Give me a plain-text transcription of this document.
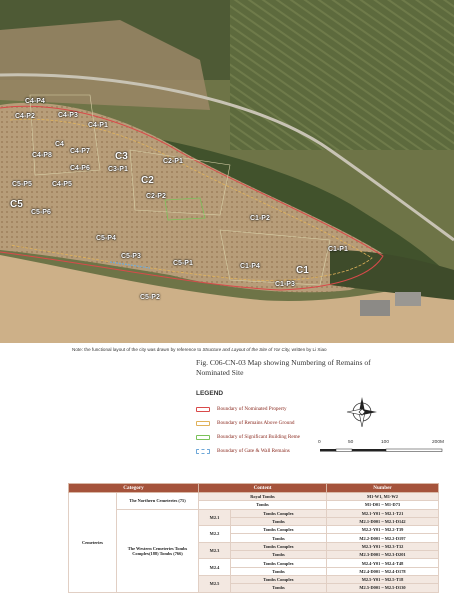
C4-P4
C4-P2	C4-P3
C4-P1
C4
C4-P7
C4-P8
C4-P6
C4-P5
C3
C3-P1
C2-P1
C2
C2-P2
C5-P5
C5
C5-P6
C5-P4
C1-P2
C1-P1
C5-P3
C5-P1	C1-P4	C1
C1-P3
C5-P2
Note: the functional layout of the city was drawn by reference to Structure and Layout of the Site of Yar City, written by Li Xiao
Fig. C06-CN-03 Map showing Numbering of Remains of
Nominated Site
LEGEND
Boundary of Nominated Property
Boundary of Remains Above Ground
Boundary of Significant Building Reme
Boundary of Gate & Wall Remains
0	50	100	200M
Category		Content		Number
Cemeteries	The Northern Cemeteries (75)	Royal Tombs		M1-W1, M1-W2
		Tombs		M1-D01 ~ M1-D73
	The Western Cemeteries Tombs Complex(188) Tombs (766)	M2.1	Tombs Complex	M2.1-Y01 ~ M2.1-T21
			Tombs	M2.1-D001 ~ M2.1-D142
		M2.2	Tombs Complex	M2.2-Y01 ~ M2.2-T39
			Tombs	M2.2-D001 ~ M2.2-D197
		M2.3	Tombs Complex	M2.3-Y01 ~ M2.3-T32
			Tombs	M2.3-D001 ~ M2.3-D201
		M2.4	Tombs Complex	M2.4-Y01 ~ M2.4-T48
			Tombs	M2.4-D001 ~ M2.4-D178
		M2.5	Tombs Complex	M2.5-Y01 ~ M2.5-T18
			Tombs	M2.5-D001 ~ M2.5-D130
